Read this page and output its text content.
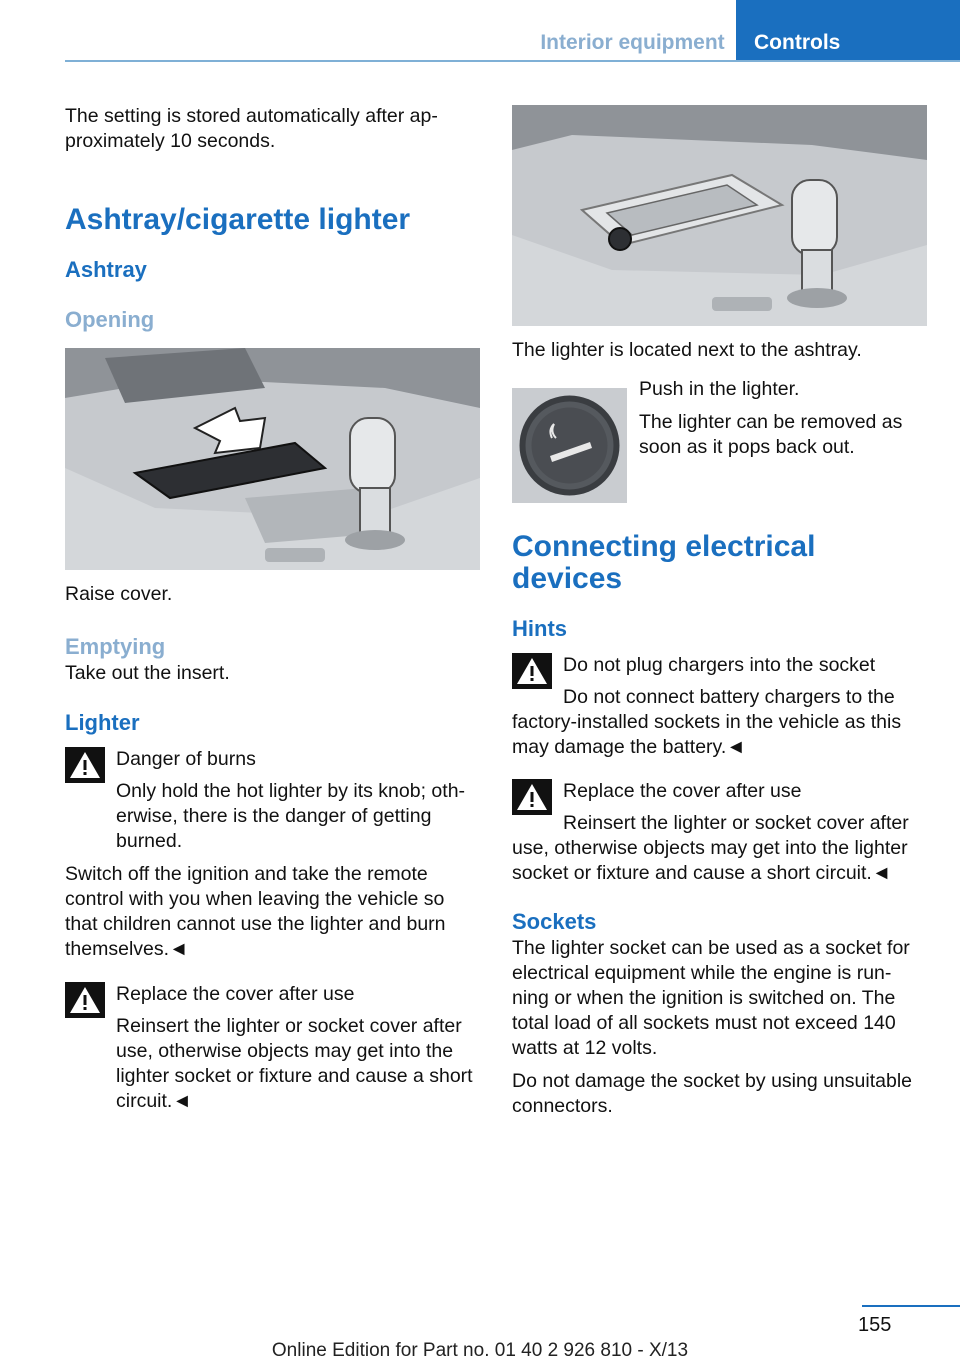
Interior equipment	Controls

The setting is stored automatically after ap‐proximately 10 seconds.

Ashtray/cigarette lighter
Ashtray
Opening

Raise cover.

Emptying

Take out the insert.

Lighter

Danger of burns

Only hold the hot lighter by its knob; oth‐erwise, there is the danger of getting burned.

Switch off the ignition and take the remote control with you when leaving the vehicle so that children cannot use the lighter and burn themselves.◄

Replace the cover after use

Reinsert the lighter or socket cover after use, otherwise objects may get into the lighter socket or fixture and cause a short circuit.◄

The lighter is located next to the ashtray.

Push in the lighter.

The lighter can be removed as soon as it pops back out.

Connecting electrical devices
Hints

Do not plug chargers into the socket

Do not connect battery chargers to the factory-installed sockets in the vehicle as this may damage the battery.◄

Replace the cover after use

Reinsert the lighter or socket cover after use, otherwise objects may get into the lighter socket or fixture and cause a short circuit.◄

Sockets

The lighter socket can be used as a socket for electrical equipment while the engine is run‐ning or when the ignition is switched on. The total load of all sockets must not exceed 140 watts at 12 volts.

Do not damage the socket by using unsuitable connectors.

155
Online Edition for Part no. 01 40 2 926 810 - X/13
